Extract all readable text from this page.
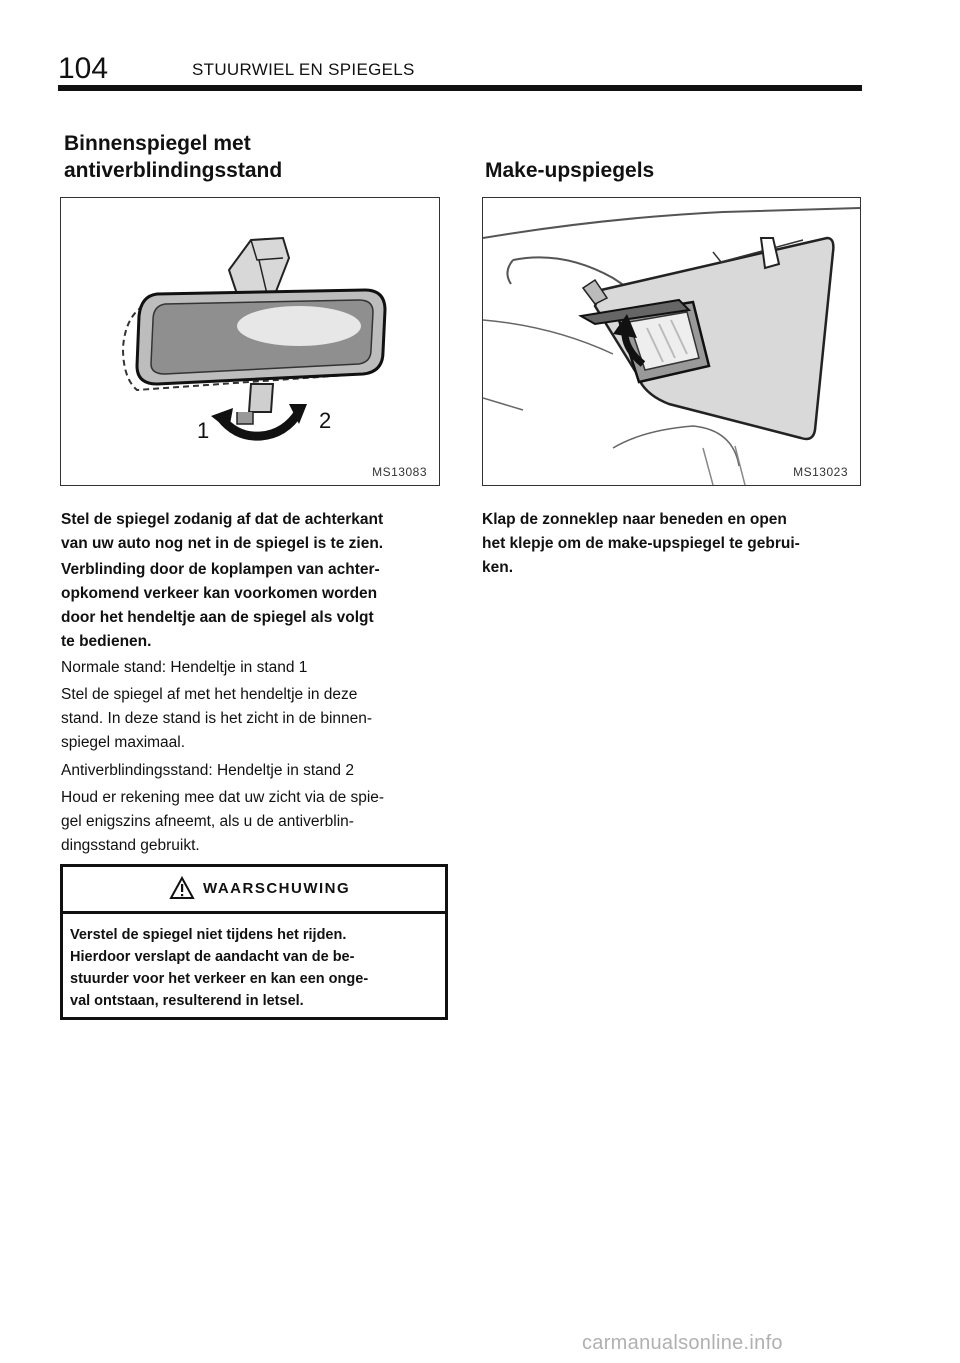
104	STUURWIEL EN SPIEGELS
Binnenspiegel met
antiverblindingsstand	Make-upspiegels
1	2
MS13083	MS13023

Stel de spiegel zodanig af dat de achterkant
van uw auto nog net in de spiegel is te zien.

Verblinding door de koplampen van achter-
opkomend verkeer kan voorkomen worden
door het hendeltje aan de spiegel als volgt
te bedienen.

Normale stand: Hendeltje in stand 1

Stel de spiegel af met het hendeltje in deze
stand. In deze stand is het zicht in de binnen-
spiegel maximaal.

Antiverblindingsstand: Hendeltje in stand 2

Houd er rekening mee dat uw zicht via de spie-
gel enigszins afneemt, als u de antiverblin-
dingsstand gebruikt.

WAARSCHUWING
Verstel de spiegel niet tijdens het rijden.
Hierdoor verslapt de aandacht van de be-
stuurder voor het verkeer en kan een onge-
val ontstaan, resulterend in letsel.

Klap de zonneklep naar beneden en open
het klepje om de make-upspiegel te gebrui-
ken.

carmanualsonline.info
